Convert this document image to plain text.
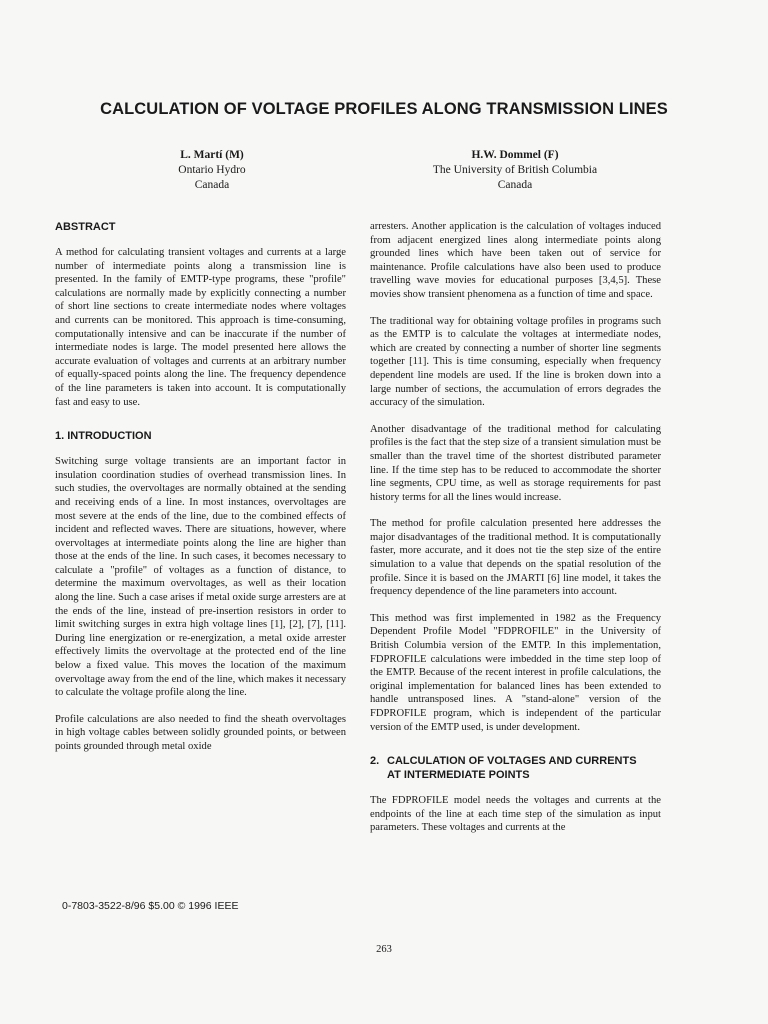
CALCULATION OF VOLTAGE PROFILES ALONG TRANSMISSION LINES
L. Martí (M)
Ontario Hydro
Canada
H.W. Dommel (F)
The University of British Columbia
Canada
ABSTRACT

A method for calculating transient voltages and currents at a large number of intermediate points along a transmission line is presented. In the family of EMTP-type programs, these "profile" calculations are normally made by explicitly connecting a number of short line sections to create intermediate nodes where voltages and currents can be monitored. This approach is time-consuming, computationally intensive and can be inaccurate if the number of intermediate nodes is large. The model presented here allows the accurate evaluation of voltages and currents at an arbitrary number of equally-spaced points along the line. The frequency dependence of the line parameters is taken into account. It is computationally fast and easy to use.

1. INTRODUCTION

Switching surge voltage transients are an important factor in insulation coordination studies of overhead transmission lines. In such studies, the overvoltages are normally obtained at the sending and receiving ends of a line. In most instances, overvoltages are most severe at the ends of the line, due to the combined effects of incident and reflected waves. There are situations, however, where overvoltages at intermediate points along the line are higher than those at the ends of the line. In such cases, it becomes necessary to calculate a "profile" of voltages as a function of distance, to determine the maximum overvoltages, as well as their location along the line. Such a case arises if metal oxide surge arresters are at the ends of the line, instead of pre-insertion resistors in order to limit switching surges in extra high voltage lines [1], [2], [7], [11]. During line energization or re-energization, a metal oxide arrester effectively limits the overvoltage at the protected end of the line below a fixed value. This moves the location of the maximum overvoltage away from the end of the line, which makes it necessary to calculate the voltage profile along the line.

Profile calculations are also needed to find the sheath overvoltages in high voltage cables between solidly grounded points, or between points grounded through metal oxide

arresters. Another application is the calculation of voltages induced from adjacent energized lines along intermediate points along grounded lines which have been taken out of service for maintenance. Profile calculations have also been used to produce travelling wave movies for educational purposes [3,4,5]. These movies show transient phenomena as a function of time and space.

The traditional way for obtaining voltage profiles in programs such as the EMTP is to calculate the voltages at intermediate nodes, which are created by connecting a number of shorter line segments together [11]. This is time consuming, especially when frequency dependent line models are used. If the line is broken down into a large number of sections, the accumulation of errors degrades the accuracy of the simulation.

Another disadvantage of the traditional method for calculating profiles is the fact that the step size of a transient simulation must be smaller than the travel time of the shortest distributed parameter line. If the time step has to be reduced to accommodate the shorter line segments, CPU time, as well as storage requirements for past history terms for all the lines would increase.

The method for profile calculation presented here addresses the major disadvantages of the traditional method. It is computationally faster, more accurate, and it does not tie the step size of the entire simulation to a value that depends on the spatial resolution of the profile. Since it is based on the JMARTI [6] line model, it takes the frequency dependence of the line parameters into account.

This method was first implemented in 1982 as the Frequency Dependent Profile Model "FDPROFILE" in the University of British Columbia version of the EMTP. In this implementation, FDPROFILE calculations were imbedded in the time step loop of the EMTP. Because of the recent interest in profile calculations, the original implementation for balanced lines has been extended to handle untransposed lines. A "stand-alone" version of the FDPROFILE program, which is independent of the particular version of the EMTP used, is under development.

2. CALCULATION OF VOLTAGES AND CURRENTS
AT INTERMEDIATE POINTS

The FDPROFILE model needs the voltages and currents at the endpoints of the line at each time step of the simulation as input parameters. These voltages and currents at the

0-7803-3522-8/96 $5.00 © 1996 IEEE
263
